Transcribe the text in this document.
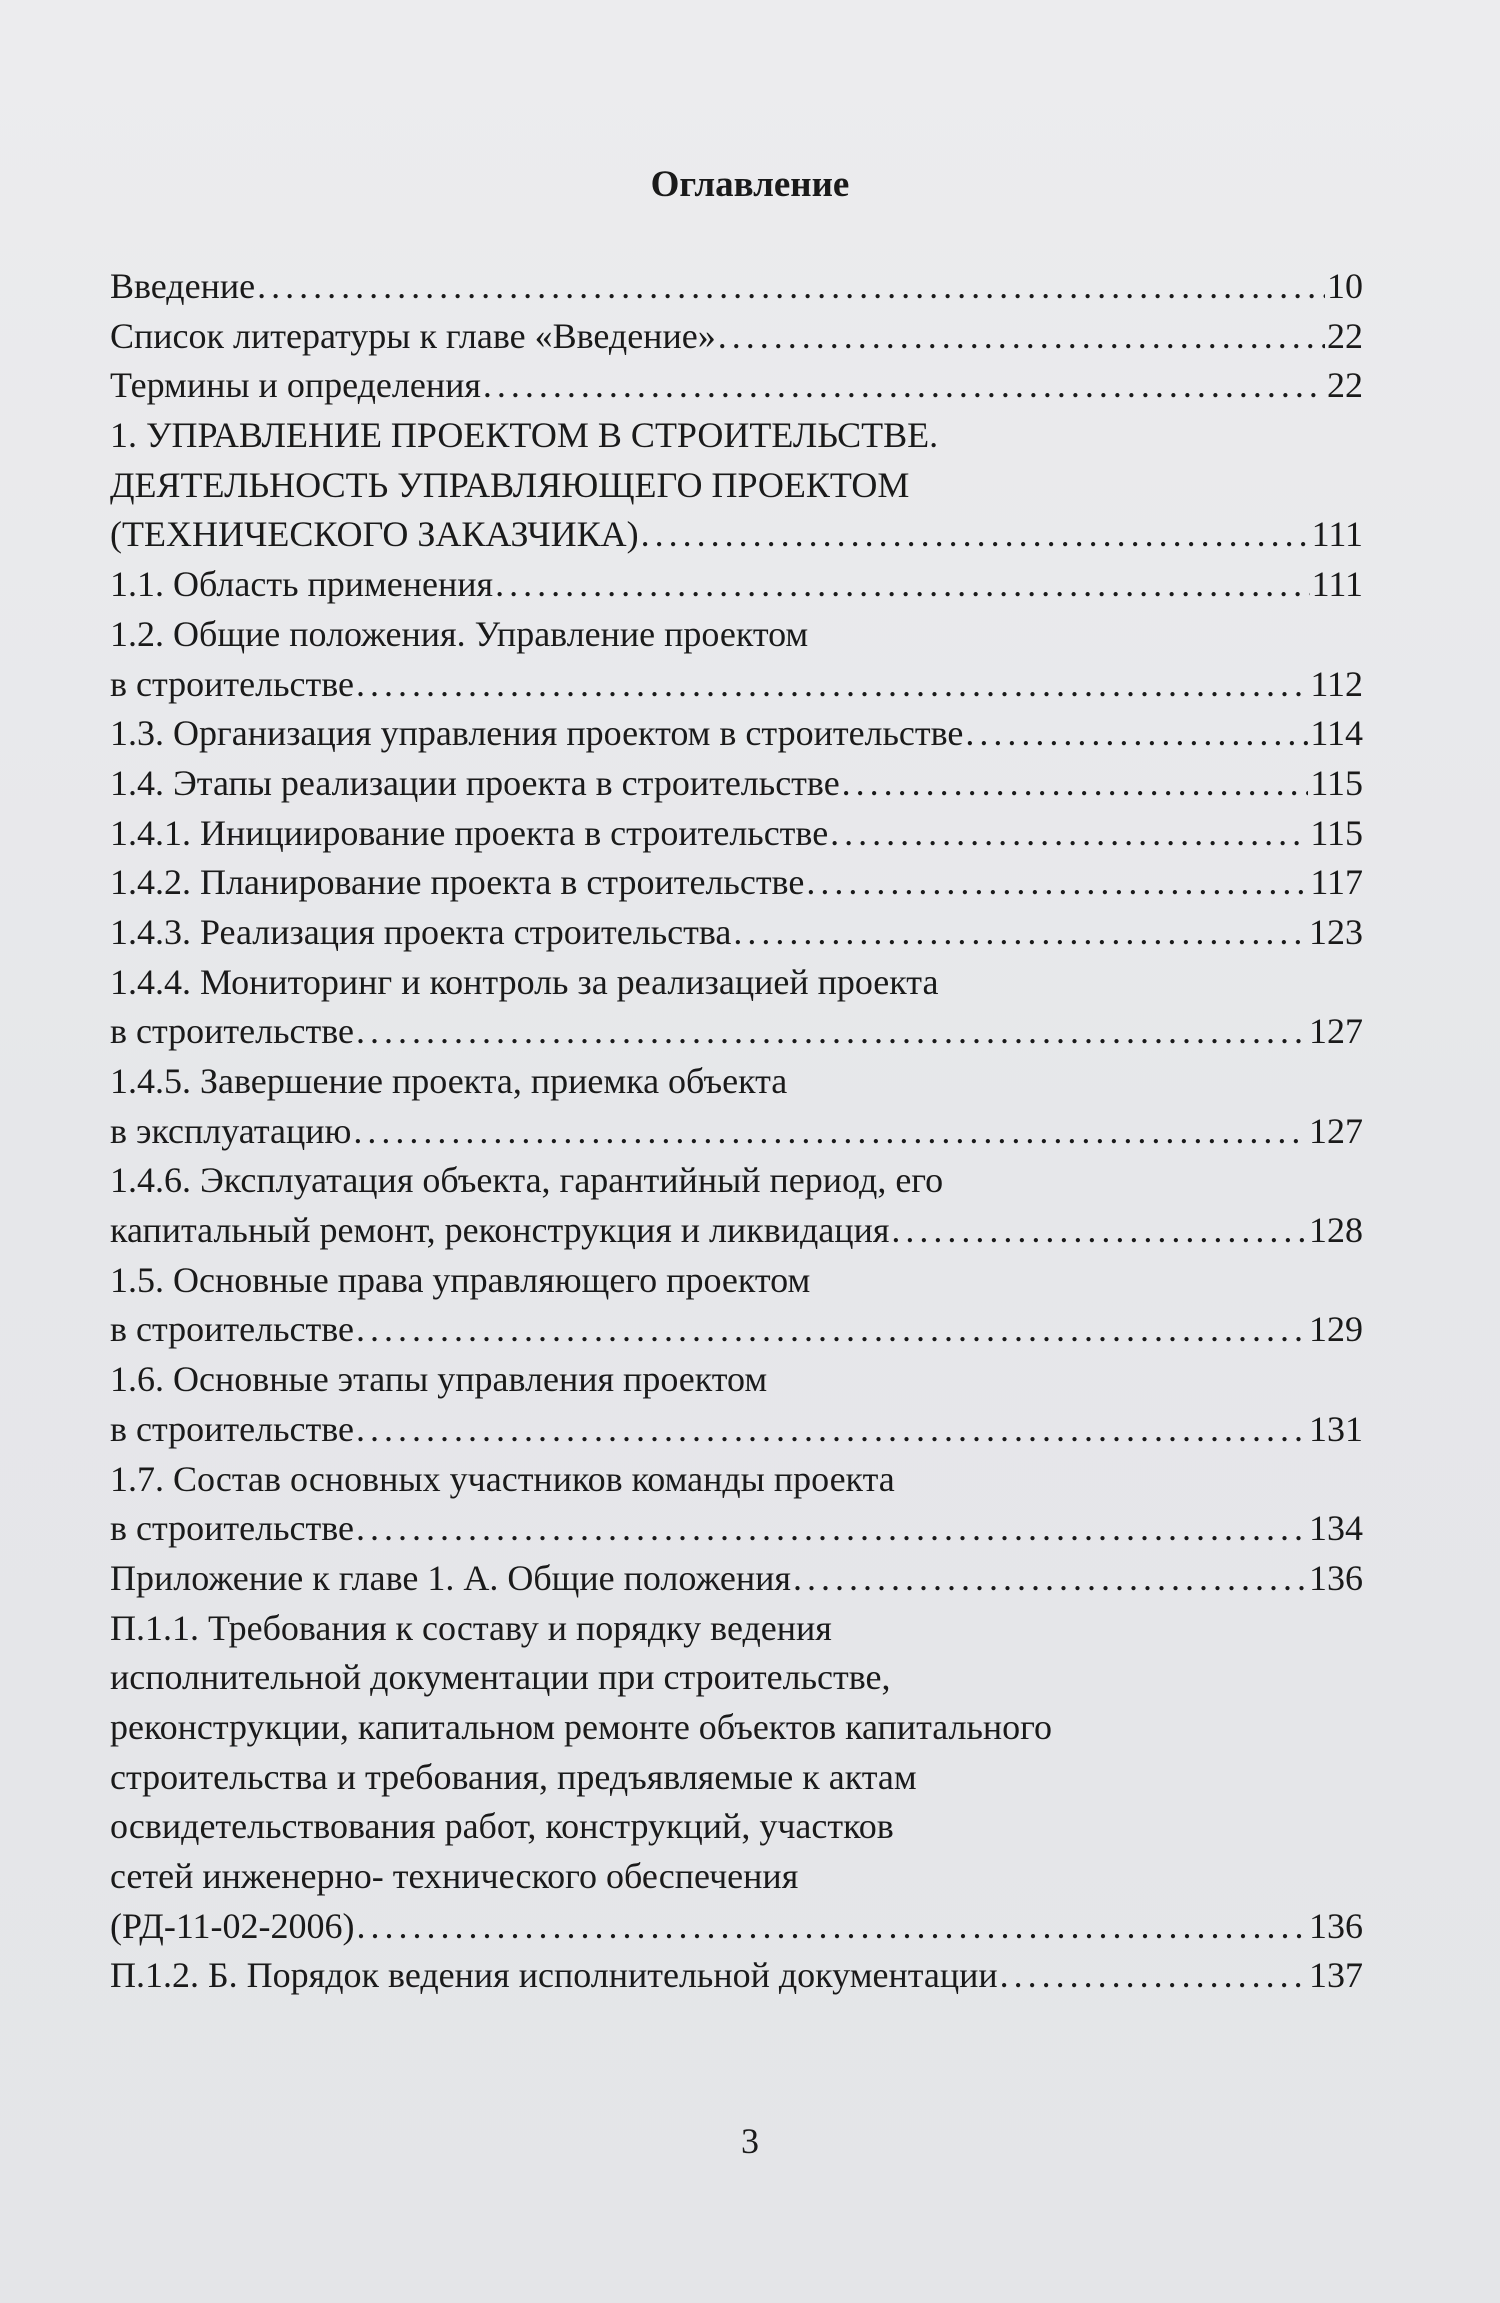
Оглавление
Введение . . .	10
Список литературы к главе «Введение» . . .	22
Термины и определения . . .	22
1. УПРАВЛЕНИЕ ПРОЕКТОМ В СТРОИТЕЛЬСТВЕ.
ДЕЯТЕЛЬНОСТЬ УПРАВЛЯЮЩЕГО ПРОЕКТОМ
(ТЕХНИЧЕСКОГО ЗАКАЗЧИКА) . . .	111
1.1. Область применения . . .	111
1.2. Общие положения. Управление проектом
в строительстве . . .	112
1.3. Организация управления проектом в строительстве . . .	114
1.4. Этапы реализации проекта в строительстве . . .	115
1.4.1. Инициирование проекта в строительстве . . .	115
1.4.2. Планирование проекта в строительстве . . .	117
1.4.3. Реализация проекта строительства . . .	123
1.4.4. Мониторинг и контроль за реализацией проекта
в строительстве . . .	127
1.4.5. Завершение проекта, приемка объекта
в эксплуатацию . . .	127
1.4.6. Эксплуатация объекта, гарантийный период, его
капитальный ремонт, реконструкция и ликвидация . . .	128
1.5. Основные права управляющего проектом
в строительстве . . .	129
1.6. Основные этапы управления проектом
в строительстве . . .	131
1.7. Состав основных участников команды проекта
в строительстве . . .	134
Приложение к главе 1. А. Общие положения . . .	136
П.1.1. Требования к составу и порядку ведения
исполнительной документации при строительстве,
реконструкции, капитальном ремонте объектов капитального
строительства и требования, предъявляемые к актам
освидетельствования работ, конструкций, участков
сетей инженерно- технического обеспечения
(РД-11-02-2006) . . .	136
П.1.2. Б. Порядок ведения исполнительной документации . . .	137
3
